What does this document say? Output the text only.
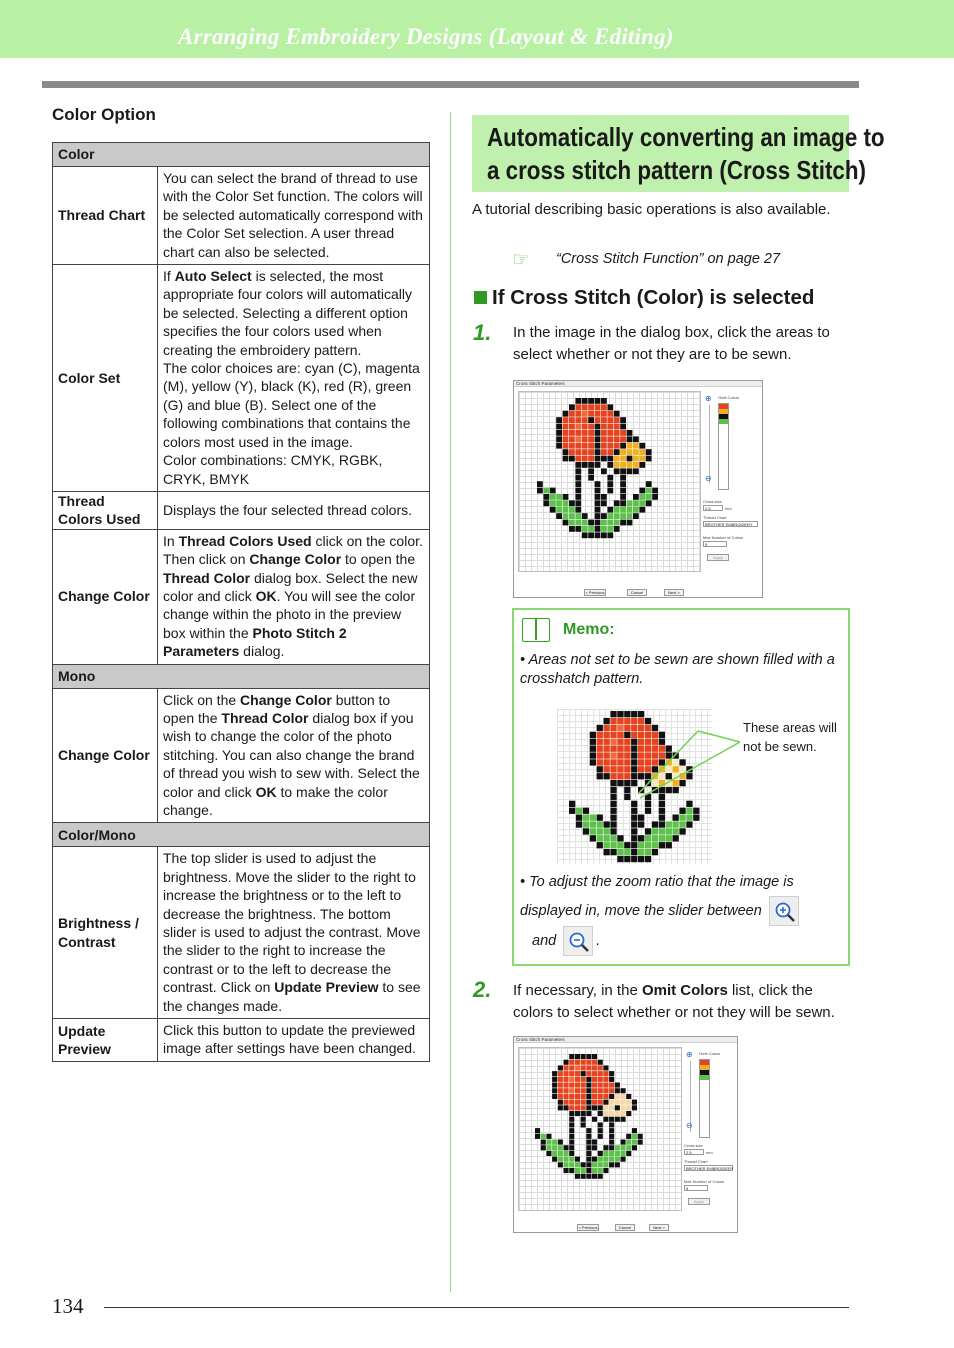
Arranging Embroidery Designs (Layout & Editing)
Color Option
Color	
Thread Chart	You can select the brand of thread to use with the Color Set function. The colors will be selected automatically correspond with the Color Set selection. A user thread chart can also be selected.
Color Set	If Auto Select is selected, the most appropriate four colors will automatically be selected. Selecting a different option specifies the four colors used when creating the embroidery pattern.
The color choices are: cyan (C), magenta (M), yellow (Y), black (K), red (R), green (G) and blue (B). Select one of the following combinations that contains the colors most used in the image.
Color combinations: CMYK, RGBK, CRYK, BMYK
Thread Colors Used	Displays the four selected thread colors.
Change Color	In Thread Colors Used click on the color. Then click on Change Color to open the Thread Color dialog box. Select the new color and click OK. You will see the color change within the photo in the preview box within the Photo Stitch 2 Parameters dialog.
Mono	
Change Color	Click on the Change Color button to open the Thread Color dialog box if you wish to change the color of the photo stitching. You can also change the brand of thread you wish to sew with. Select the color and click OK to make the color change.
Color/Mono	
Brightness / Contrast	The top slider is used to adjust the brightness. Move the slider to the right to increase the brightness or to the left to decrease the brightness. The bottom slider is used to adjust the contrast. Move the slider to the right to increase the contrast or to the left to decrease the contrast. Click on Update Preview to see the changes made.
Update Preview	Click this button to update the previewed image after settings have been changed.
Automatically converting an image to
a cross stitch pattern (Cross Stitch)
A tutorial describing basic operations is also available.
☞ “Cross Stitch Function” on page 27
If Cross Stitch (Color) is selected
1. In the image in the dialog box, click the areas to select whether or not they are to be sewn.
Cross Stitch Parameters
⊕
⊖
Omit Colors
Cross size
2.5	mm
Thread Chart
BROTHER EMBROIDERY
Max Number of Colors
5
Apply
< Previous	Cancel	Next >
Memo:
• Areas not set to be sewn are shown filled with a crosshatch pattern.
These areas will not be sewn.
• To adjust the zoom ratio that the image is displayed in, move the slider between

and	.
2. If necessary, in the Omit Colors list, click the colors to select whether or not they will be sewn.
Cross Stitch Parameters
⊕
⊖
Omit Colors
Cross size
2.5	mm
Thread Chart
BROTHER EMBROIDERY
Max Number of Colors
5
Apply
< Previous	Cancel	Next >
134
